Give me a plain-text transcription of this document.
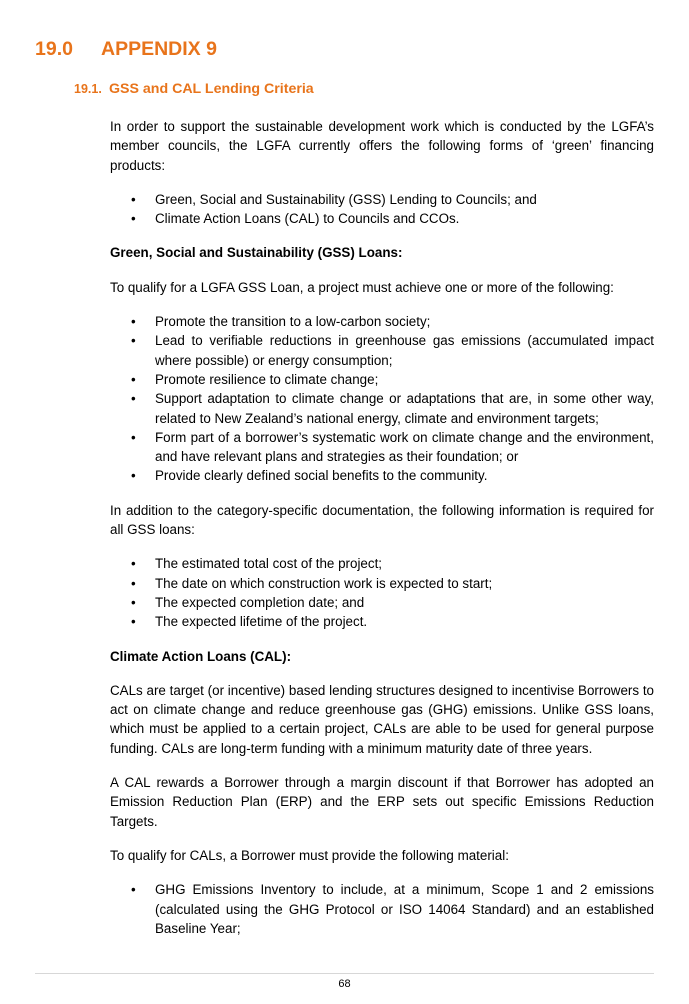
19.0 APPENDIX 9
19.1. GSS and CAL Lending Criteria

In order to support the sustainable development work which is conducted by the LGFA’s member councils, the LGFA currently offers the following forms of ‘green’ financing products:

•	Green, Social and Sustainability (GSS) Lending to Councils; and
•	Climate Action Loans (CAL) to Councils and CCOs.

Green, Social and Sustainability (GSS) Loans:

To qualify for a LGFA GSS Loan, a project must achieve one or more of the following:

•	Promote the transition to a low-carbon society;
•	Lead to verifiable reductions in greenhouse gas emissions (accumulated impact where possible) or energy consumption;
•	Promote resilience to climate change;
•	Support adaptation to climate change or adaptations that are, in some other way, related to New Zealand’s national energy, climate and environment targets;
•	Form part of a borrower’s systematic work on climate change and the environment, and have relevant plans and strategies as their foundation; or
•	Provide clearly defined social benefits to the community.

In addition to the category-specific documentation, the following information is required for all GSS loans:

•	The estimated total cost of the project;
•	The date on which construction work is expected to start;
•	The expected completion date; and
•	The expected lifetime of the project.

Climate Action Loans (CAL):

CALs are target (or incentive) based lending structures designed to incentivise Borrowers to act on climate change and reduce greenhouse gas (GHG) emissions. Unlike GSS loans, which must be applied to a certain project, CALs are able to be used for general purpose funding. CALs are long-term funding with a minimum maturity date of three years.

A CAL rewards a Borrower through a margin discount if that Borrower has adopted an Emission Reduction Plan (ERP) and the ERP sets out specific Emissions Reduction Targets.

To qualify for CALs, a Borrower must provide the following material:

•	GHG Emissions Inventory to include, at a minimum, Scope 1 and 2 emissions (calculated using the GHG Protocol or ISO 14064 Standard) and an established Baseline Year;
68
